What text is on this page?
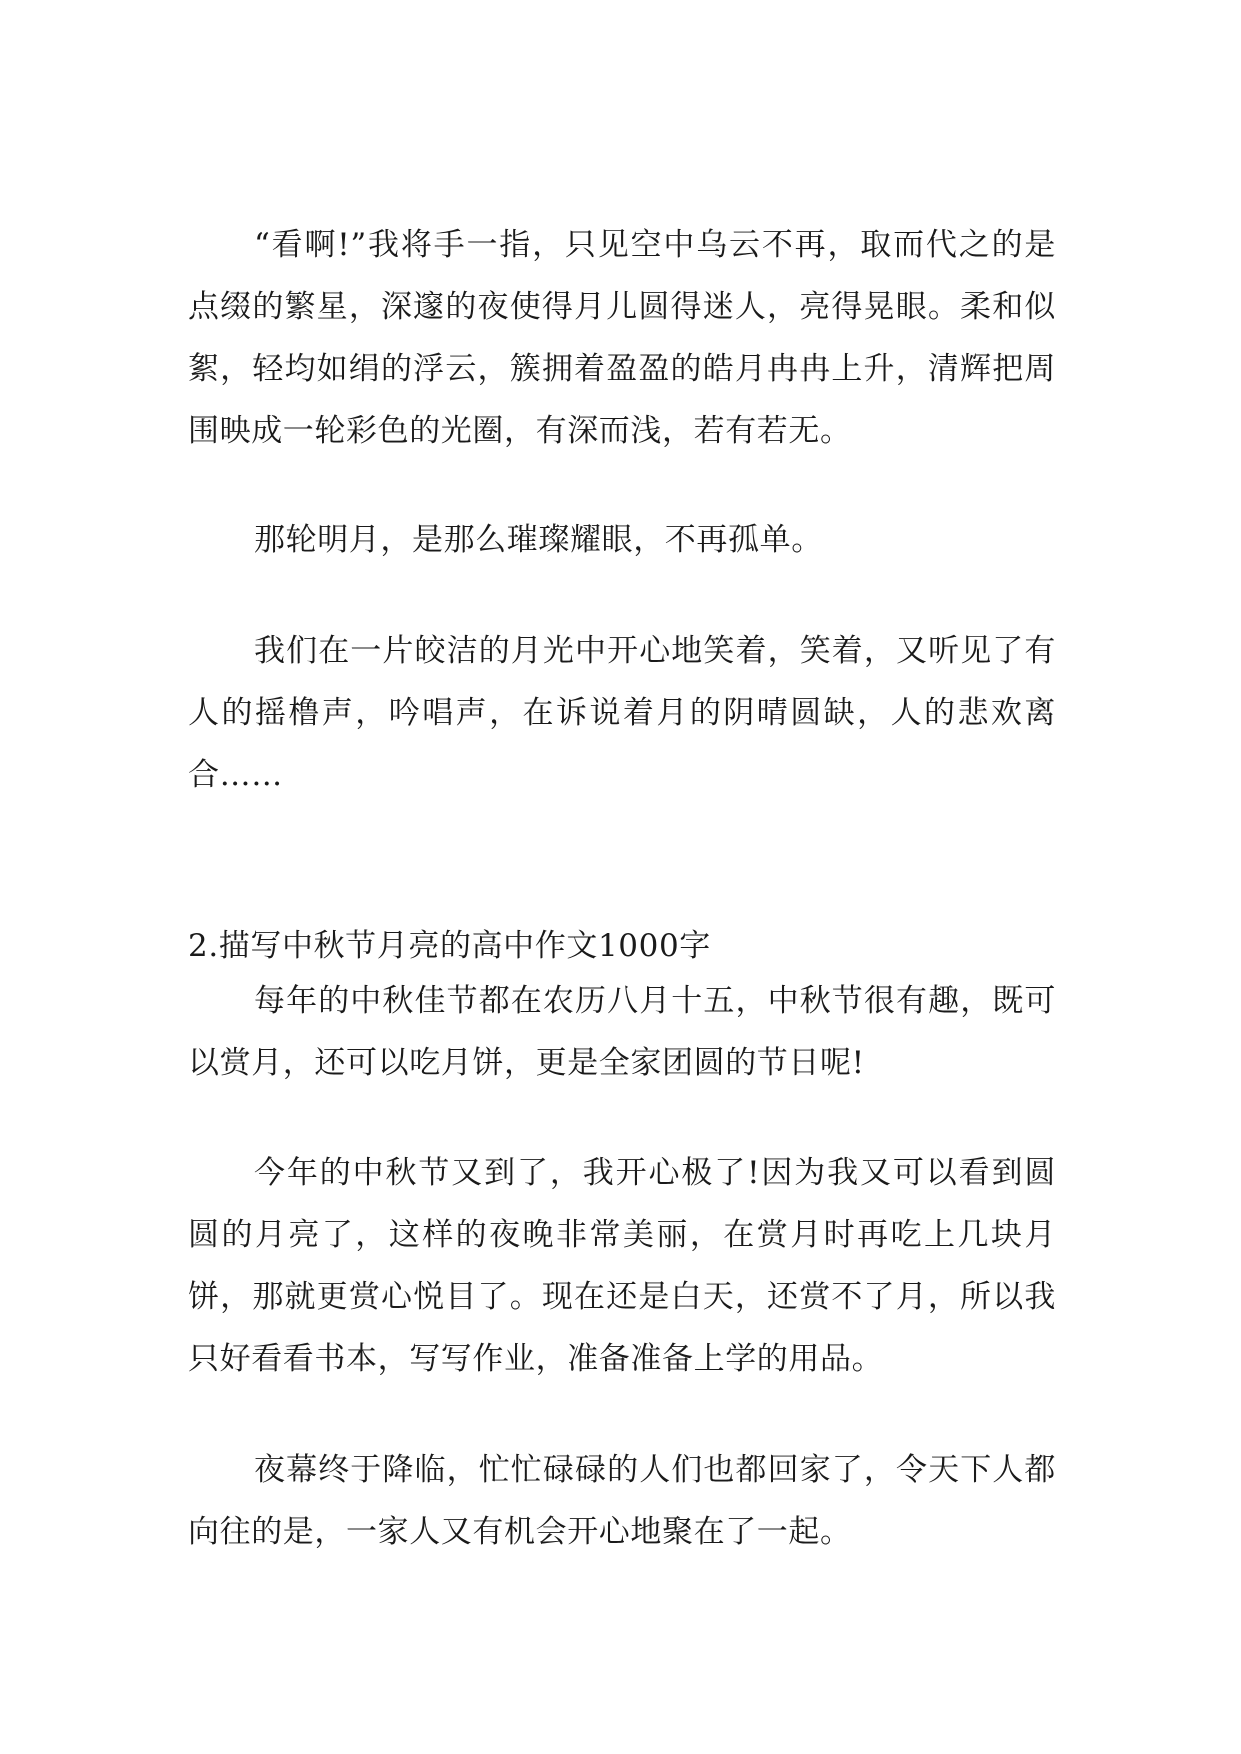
“看啊!”我将手一指，只见空中乌云不再，取而代之的是点缀的繁星，深邃的夜使得月儿圆得迷人，亮得晃眼。柔和似絮，轻均如绢的浮云，簇拥着盈盈的皓月冉冉上升，清辉把周围映成一轮彩色的光圈，有深而浅，若有若无。

那轮明月，是那么璀璨耀眼，不再孤单。

我们在一片皎洁的月光中开心地笑着，笑着，又听见了有人的摇橹声，吟唱声，在诉说着月的阴晴圆缺，人的悲欢离合……

2.描写中秋节月亮的高中作文1000字

每年的中秋佳节都在农历八月十五，中秋节很有趣，既可以赏月，还可以吃月饼，更是全家团圆的节日呢!

今年的中秋节又到了，我开心极了!因为我又可以看到圆圆的月亮了，这样的夜晚非常美丽，在赏月时再吃上几块月饼，那就更赏心悦目了。现在还是白天，还赏不了月，所以我只好看看书本，写写作业，准备准备上学的用品。

夜幕终于降临，忙忙碌碌的人们也都回家了，令天下人都向往的是，一家人又有机会开心地聚在了一起。
